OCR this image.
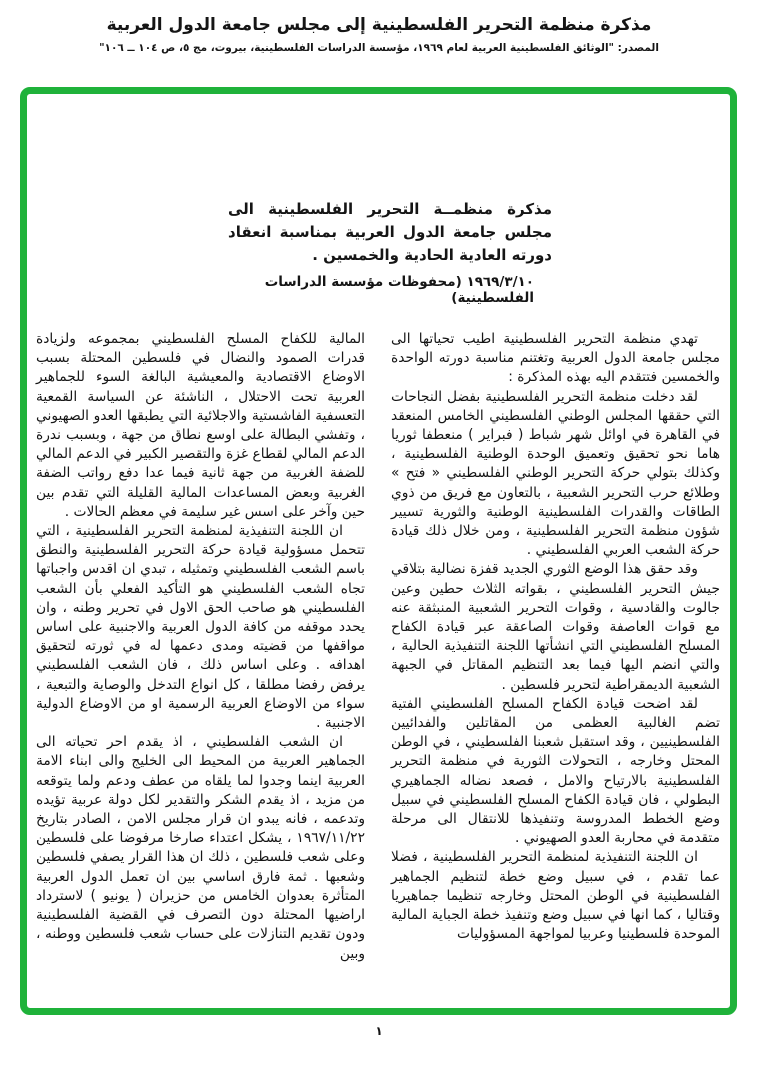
مذكرة منظمة التحرير الفلسطينية إلى مجلس جامعة الدول العربية

المصدر: "الوثائق الفلسطينية العربية لعام ١٩٦٩، مؤسسة الدراسات الفلسطينية، بيروت، مج ٥، ص ١٠٤ ــ ١٠٦"

مذكرة منظمــة التحرير الفلسطينية الى مجلس جامعة الدول العربية بمناسبة انعقاد دورته العادية الحادية والخمسين .

١٩٦٩/٣/١٠ (محفوظات مؤسسة الدراسات الفلسطينية)

تهدي منظمة التحرير الفلسطينية اطيب تحياتها الى مجلس جامعة الدول العربية وتغتنم مناسبة دورته الواحدة والخمسين فتتقدم اليه بهذه المذكرة :

لقد دخلت منظمة التحرير الفلسطينية بفضل النجاحات التي حققها المجلس الوطني الفلسطيني الخامس المنعقد في القاهرة في اوائل شهر شباط ( فبراير ) منعطفا ثوريا هاما نحو تحقيق وتعميق الوحدة الوطنية الفلسطينية ، وكذلك بتولي حركة التحرير الوطني الفلسطيني « فتح » وطلائع حرب التحرير الشعبية ، بالتعاون مع فريق من ذوي الطاقات والقدرات الفلسطينية الوطنية والثورية تسيير شؤون منظمة التحرير الفلسطينية ، ومن خلال ذلك قيادة حركة الشعب العربي الفلسطيني .

وقد حقق هذا الوضع الثوري الجديد قفزة نضالية بتلاقي جيش التحرير الفلسطيني ، بقواته الثلاث حطين وعين جالوت والقادسية ، وقوات التحرير الشعبية المنبثقة عنه مع قوات العاصفة وقوات الصاعقة عبر قيادة الكفاح المسلح الفلسطيني التي انشأتها اللجنة التنفيذية الحالية ، والتي انضم اليها فيما بعد التنظيم المقاتل في الجبهة الشعبية الديمقراطية لتحرير فلسطين .

لقد اضحت قيادة الكفاح المسلح الفلسطيني الفتية تضم الغالبية العظمى من المقاتلين والفدائيين الفلسطينيين ، وقد استقبل شعبنا الفلسطيني ، في الوطن المحتل وخارجه ، التحولات الثورية في منظمة التحرير الفلسطينية بالارتياح والامل ، فصعد نضاله الجماهيري البطولي ، فان قيادة الكفاح المسلح الفلسطيني في سبيل وضع الخطط المدروسة وتنفيذها للانتقال الى مرحلة متقدمة في محاربة العدو الصهيوني .

ان اللجنة التنفيذية لمنظمة التحرير الفلسطينية ، فضلا عما تقدم ، في سبيل وضع خطة لتنظيم الجماهير الفلسطينية في الوطن المحتل وخارجه تنظيما جماهيريا وقتاليا ، كما انها في سبيل وضع وتنفيذ خطة الجباية المالية الموحدة فلسطينيا وعربيا لمواجهة المسؤوليات

المالية للكفاح المسلح الفلسطيني بمجموعه ولزيادة قدرات الصمود والنضال في فلسطين المحتلة بسبب الاوضاع الاقتصادية والمعيشية البالغة السوء للجماهير العربية تحت الاحتلال ، الناشئة عن السياسة القمعية التعسفية الفاشستية والاجلائية التي يطبقها العدو الصهيوني ، وتفشي البطالة على اوسع نطاق من جهة ، وبسبب ندرة الدعم المالي لقطاع غزة والتقصير الكبير في الدعم المالي للضفة الغربية من جهة ثانية فيما عدا دفع رواتب الضفة الغربية وبعض المساعدات المالية القليلة التي تقدم بين حين وآخر على اسس غير سليمة في معظم الحالات .

ان اللجنة التنفيذية لمنظمة التحرير الفلسطينية ، التي تتحمل مسؤولية قيادة حركة التحرير الفلسطينية والنطق باسم الشعب الفلسطيني وتمثيله ، تبدي ان اقدس واجباتها تجاه الشعب الفلسطيني هو التأكيد الفعلي بأن الشعب الفلسطيني هو صاحب الحق الاول في تحرير وطنه ، وان يحدد موقفه من كافة الدول العربية والاجنبية على اساس مواقفها من قضيته ومدى دعمها له في ثورته لتحقيق اهدافه . وعلى اساس ذلك ، فان الشعب الفلسطيني يرفض رفضا مطلقا ، كل انواع التدخل والوصاية والتبعية ، سواء من الاوضاع العربية الرسمية او من الاوضاع الدولية الاجنبية .

ان الشعب الفلسطيني ، اذ يقدم احر تحياته الى الجماهير العربية من المحيط الى الخليج والى ابناء الامة العربية اينما وجدوا لما يلقاه من عطف ودعم ولما يتوقعه من مزيد ، اذ يقدم الشكر والتقدير لكل دولة عربية تؤيده وتدعمه ، فانه يبدو ان قرار مجلس الامن ، الصادر بتاريخ ١٩٦٧/١١/٢٢ ، يشكل اعتداء صارخا مرفوضا على فلسطين وعلى شعب فلسطين ، ذلك ان هذا القرار يصفي فلسطين وشعبها . ثمة فارق اساسي بين ان تعمل الدول العربية المتأثرة بعدوان الخامس من حزيران ( يونيو ) لاسترداد اراضيها المحتلة دون التصرف في القضية الفلسطينية ودون تقديم التنازلات على حساب شعب فلسطين ووطنه ، وبين

١
